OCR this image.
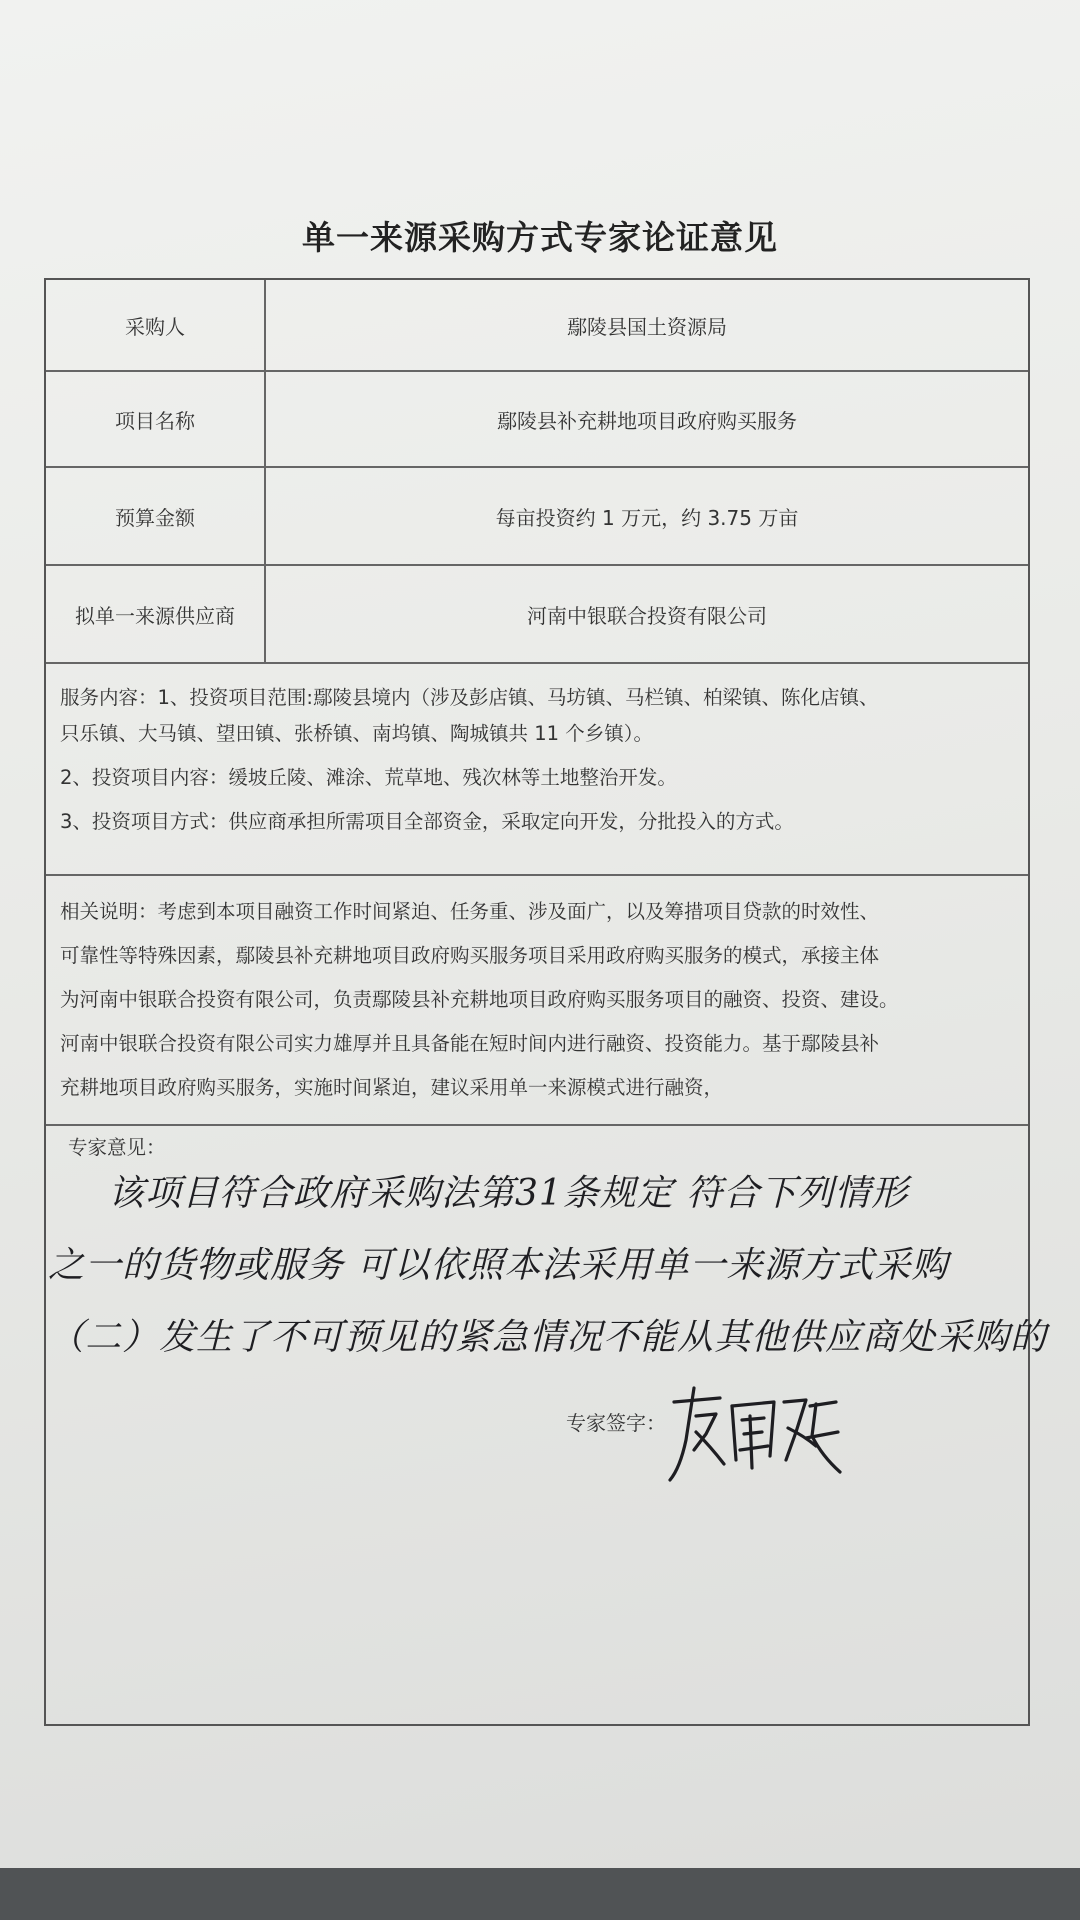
单一来源采购方式专家论证意见
采购人	鄢陵县国土资源局
项目名称	鄢陵县补充耕地项目政府购买服务
预算金额	每亩投资约 1 万元，约 3.75 万亩
拟单一来源供应商	河南中银联合投资有限公司

服务内容：1、投资项目范围:鄢陵县境内（涉及彭店镇、马坊镇、马栏镇、柏梁镇、陈化店镇、

只乐镇、大马镇、望田镇、张桥镇、南坞镇、陶城镇共 11 个乡镇）。

2、投资项目内容：缓坡丘陵、滩涂、荒草地、残次林等土地整治开发。

3、投资项目方式：供应商承担所需项目全部资金，采取定向开发，分批投入的方式。

相关说明：考虑到本项目融资工作时间紧迫、任务重、涉及面广，以及筹措项目贷款的时效性、

可靠性等特殊因素，鄢陵县补充耕地项目政府购买服务项目采用政府购买服务的模式，承接主体

为河南中银联合投资有限公司，负责鄢陵县补充耕地项目政府购买服务项目的融资、投资、建设。

河南中银联合投资有限公司实力雄厚并且具备能在短时间内进行融资、投资能力。基于鄢陵县补

充耕地项目政府购买服务，实施时间紧迫，建议采用单一来源模式进行融资，

专家意见：

该项目符合政府采购法第31条规定 符合下列情形

之一的货物或服务 可以依照本法采用单一来源方式采购

（二）发生了不可预见的紧急情况不能从其他供应商处采购的

专家签字：
